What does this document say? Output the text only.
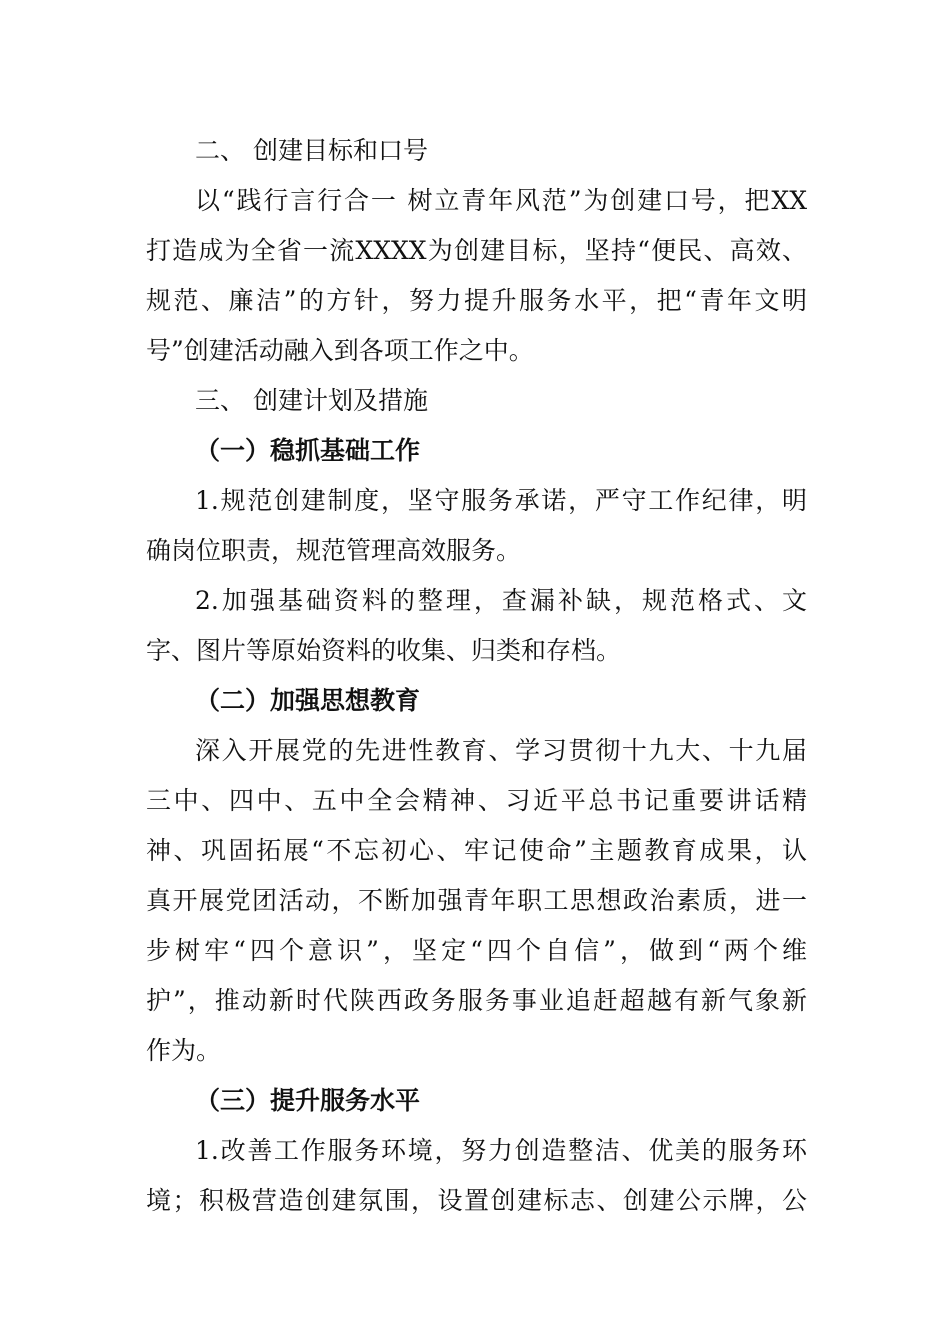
二、 创建目标和口号

以“践行言行合一 树立青年风范”为创建口号，把XX

打造成为全省一流XXXX为创建目标，坚持“便民、高效、

规范、廉洁”的方针，努力提升服务水平，把“青年文明

号”创建活动融入到各项工作之中。

三、 创建计划及措施

（一）稳抓基础工作

1.规范创建制度，坚守服务承诺，严守工作纪律，明

确岗位职责，规范管理高效服务。

2.加强基础资料的整理，查漏补缺，规范格式、文

字、图片等原始资料的收集、归类和存档。

（二）加强思想教育

深入开展党的先进性教育、学习贯彻十九大、十九届

三中、四中、五中全会精神、习近平总书记重要讲话精

神、巩固拓展“不忘初心、牢记使命”主题教育成果，认

真开展党团活动，不断加强青年职工思想政治素质，进一

步树牢“四个意识”，坚定“四个自信”，做到“两个维

护”，推动新时代陕西政务服务事业追赶超越有新气象新

作为。

（三）提升服务水平

1.改善工作服务环境，努力创造整洁、优美的服务环

境；积极营造创建氛围，设置创建标志、创建公示牌，公
